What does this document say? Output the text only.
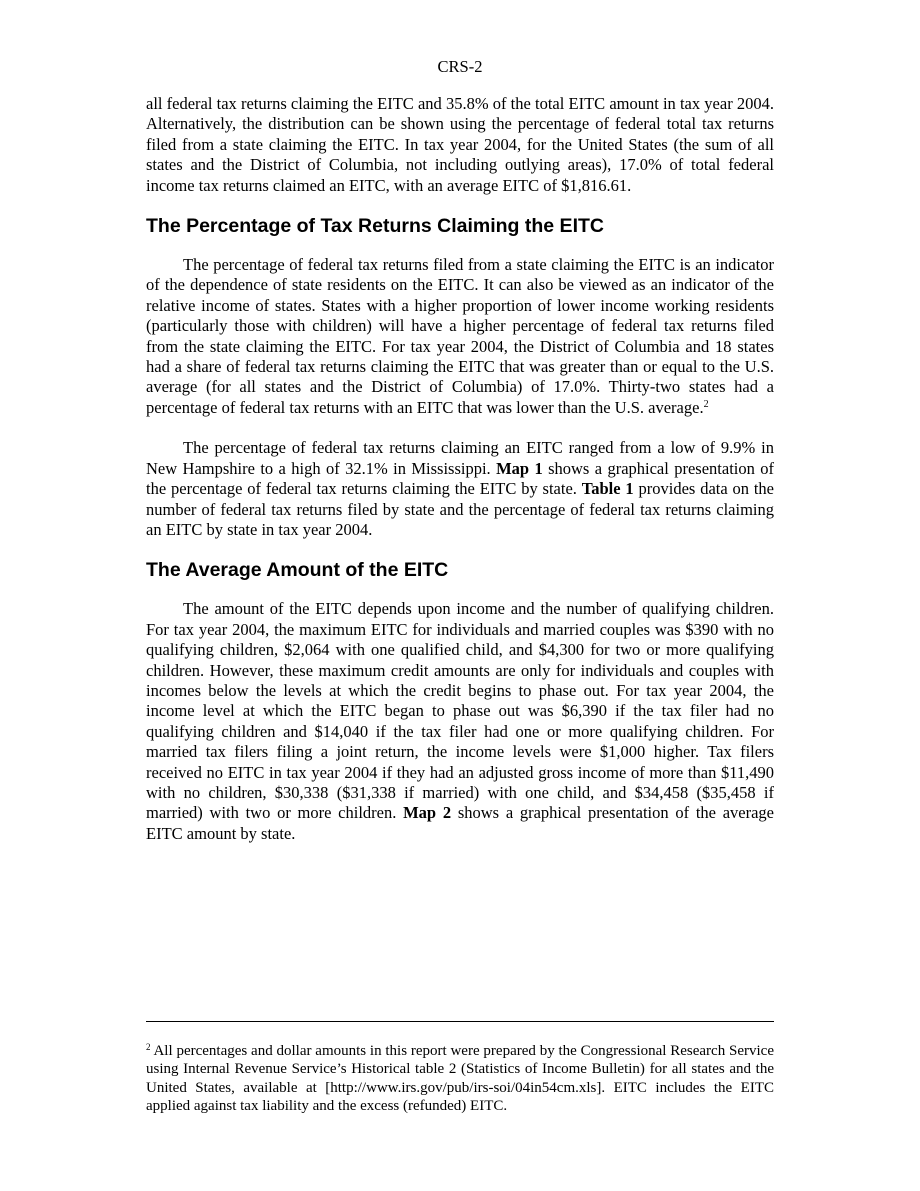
CRS-2

all federal tax returns claiming the EITC and 35.8% of the total EITC amount in tax year 2004. Alternatively, the distribution can be shown using the percentage of federal total tax returns filed from a state claiming the EITC. In tax year 2004, for the United States (the sum of all states and the District of Columbia, not including outlying areas), 17.0% of total federal income tax returns claimed an EITC, with an average EITC of $1,816.61.

The Percentage of Tax Returns Claiming the EITC

The percentage of federal tax returns filed from a state claiming the EITC is an indicator of the dependence of state residents on the EITC. It can also be viewed as an indicator of the relative income of states. States with a higher proportion of lower income working residents (particularly those with children) will have a higher percentage of federal tax returns filed from the state claiming the EITC. For tax year 2004, the District of Columbia and 18 states had a share of federal tax returns claiming the EITC that was greater than or equal to the U.S. average (for all states and the District of Columbia) of 17.0%. Thirty-two states had a percentage of federal tax returns with an EITC that was lower than the U.S. average.$^2$

The percentage of federal tax returns claiming an EITC ranged from a low of 9.9% in New Hampshire to a high of 32.1% in Mississippi. Map 1 shows a graphical presentation of the percentage of federal tax returns claiming the EITC by state. Table 1 provides data on the number of federal tax returns filed by state and the percentage of federal tax returns claiming an EITC by state in tax year 2004.

The Average Amount of the EITC

The amount of the EITC depends upon income and the number of qualifying children. For tax year 2004, the maximum EITC for individuals and married couples was $390 with no qualifying children, $2,064 with one qualified child, and $4,300 for two or more qualifying children. However, these maximum credit amounts are only for individuals and couples with incomes below the levels at which the credit begins to phase out. For tax year 2004, the income level at which the EITC began to phase out was $6,390 if the tax filer had no qualifying children and $14,040 if the tax filer had one or more qualifying children. For married tax filers filing a joint return, the income levels were $1,000 higher. Tax filers received no EITC in tax year 2004 if they had an adjusted gross income of more than $11,490 with no children, $30,338 ($31,338 if married) with one child, and $34,458 ($35,458 if married) with two or more children. Map 2 shows a graphical presentation of the average EITC amount by state.

$^2$ All percentages and dollar amounts in this report were prepared by the Congressional Research Service using Internal Revenue Service’s Historical table 2 (Statistics of Income Bulletin) for all states and the United States, available at [http://www.irs.gov/pub/irs-soi/04in54cm.xls]. EITC includes the EITC applied against tax liability and the excess (refunded) EITC.
